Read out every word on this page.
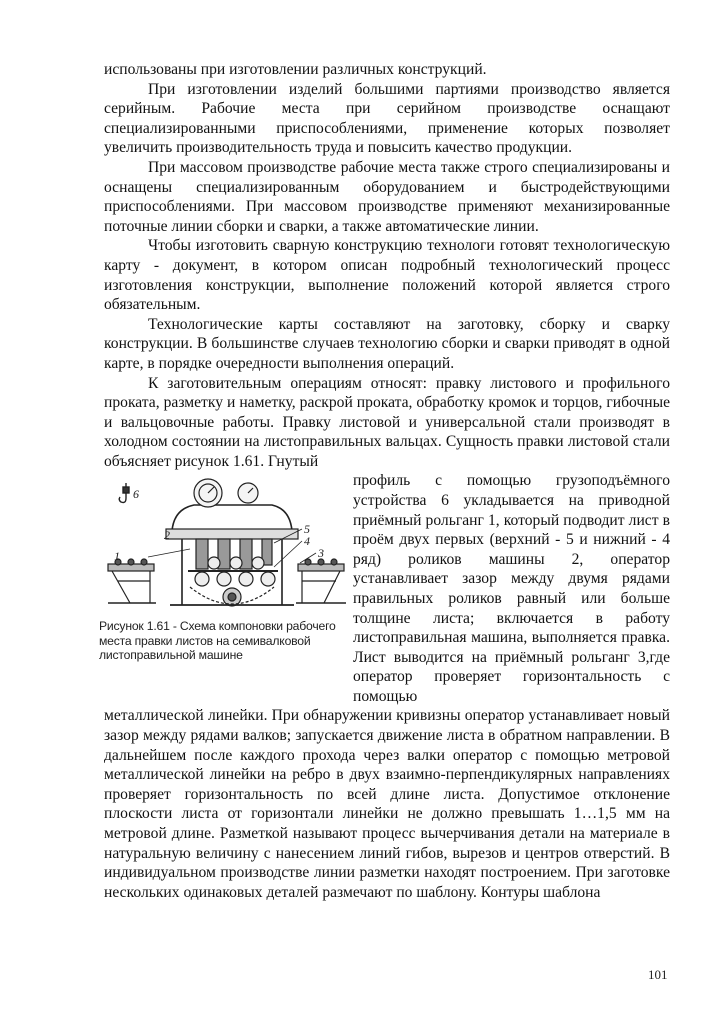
использованы при изготовлении различных конструкций.

При изготовлении изделий большими партиями производство является серийным. Рабочие места при серийном производстве оснащают специализированными приспособлениями, применение которых позволяет увеличить производительность труда и повысить качество продукции.

При массовом производстве рабочие места также строго специализированы и оснащены специализированным оборудованием и быстродействующими приспособлениями. При массовом производстве применяют механизированные поточные линии сборки и сварки, а также автоматические линии.

Чтобы изготовить сварную конструкцию технологи готовят технологическую карту - документ, в котором описан подробный технологический процесс изготовления конструкции, выполнение положений которой является строго обязательным.

Технологические карты составляют на заготовку, сборку и сварку конструкции. В большинстве случаев технологию сборки и сварки приводят в одной карте, в порядке очередности выполнения операций.

К заготовительным операциям относят: правку листового и профильного проката, разметку и наметку, раскрой проката, обработку кромок и торцов, гибочные и вальцовочные работы. Правку листовой и универсальной стали производят в холодном состоянии на листоправильных вальцах. Сущность правки листовой стали объясняет рисунок 1.61. Гнутый

6
1
2	5
4
3
Рисунок 1.61 - Схема компоновки рабочего места правки листов на семивалковой листоправильной машине

профиль с помощью грузоподъёмного устройства 6 укладывается на приводной приёмный рольганг 1, который подводит лист в проём двух первых (верхний - 5 и нижний - 4 ряд) роликов машины 2, оператор устанавливает зазор между двумя рядами правильных роликов равный или больше толщине листа; включается в работу листоправильная машина, выполняется правка. Лист выводится на приёмный рольганг 3,где оператор проверяет горизонтальность с помощью

металлической линейки. При обнаружении кривизны оператор устанавливает новый зазор между рядами валков; запускается движение листа в обратном направлении. В дальнейшем после каждого прохода через валки оператор с помощью метровой металлической линейки на ребро в двух взаимно-перпендикулярных направлениях проверяет горизонтальность по всей длине листа. Допустимое отклонение плоскости листа от горизонтали линейки не должно превышать 1…1,5 мм на метровой длине. Разметкой называют процесс вычерчивания детали на материале в натуральную величину с нанесением линий гибов, вырезов и центров отверстий. В индивидуальном производстве линии разметки находят построением. При заготовке нескольких одинаковых деталей размечают по шаблону. Контуры шаблона

101
